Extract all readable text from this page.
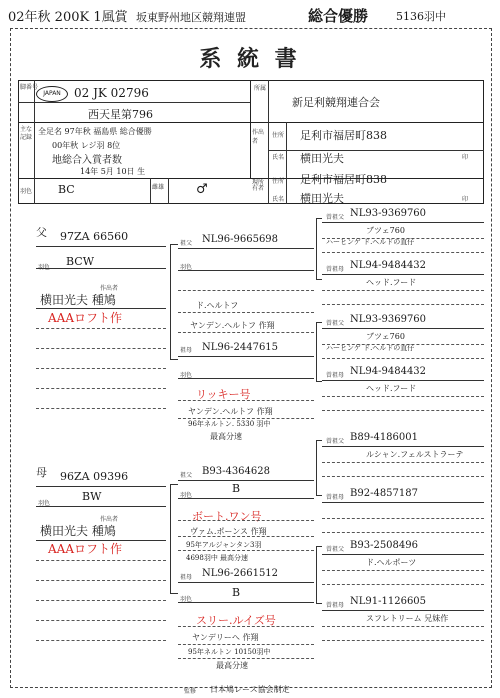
02年秋 200K 1風賞 坂東野州地区競翔連盟	総合優勝	5136羽中
系 統 書
脚番号
JAPAN	02 JK 02796
西天星第796
所属
新足利競翔連合会
主な記録
全足名 97年秋 福島県 総合優勝
00年秋 レジ羽 8位
地総合入賞者数
14年 5月 10日 生
羽色 BC	雌雄 ♂
作出者
住所 足利市福居町838
氏名 横田光夫	印
現所有者
住所 足利市福居町838
氏名 横田光夫	印
父 97ZA 66560
羽色 BCW
作出者
横田光夫 種鳩
AAAロフト作
母 96ZA 09396
羽色
BW
作出者
横田光夫 種鳩
AAAロフト作
祖父 NL96-9665698
羽色
ド.ヘルトフ
ヤンデン.ヘルトフ 作翔
祖母 NL96-2447615
羽色
リッキー号
ヤンデン.ヘルトフ 作翔
96年ネルトン. 5330 羽中
最高分速
祖父 B93-4364628
羽色
B
ボート.ワン号
ヴァム.ポーンス 作翔
95年アルジャンタン3羽
4698羽中 最高分速
祖母 NL96-2661512
羽色
B
スリー.ルイズ号
ヤンデリーへ 作翔
95年ネルトン 10150羽中
最高分速
曽祖父 NL93-9369760
ブツェ760
ハーヒンゲ ド.ヘルドの直仔
曽祖母 NL94-9484432
ヘッド.フード
曽祖父 NL93-9369760
ブツェ760
ハーヒンゲ ド.ヘルドの直仔
曽祖母 NL94-9484432
ヘッド.フード
曽祖父 B89-4186001
ルシャン.フェルストラーテ
曽祖母 B92-4857187
曽祖父 B93-2508496
ド.ヘルポーツ
曽祖母 NL91-1126605
スフレトリーム 兄妹作
監修 日本鳩レース協会制定
